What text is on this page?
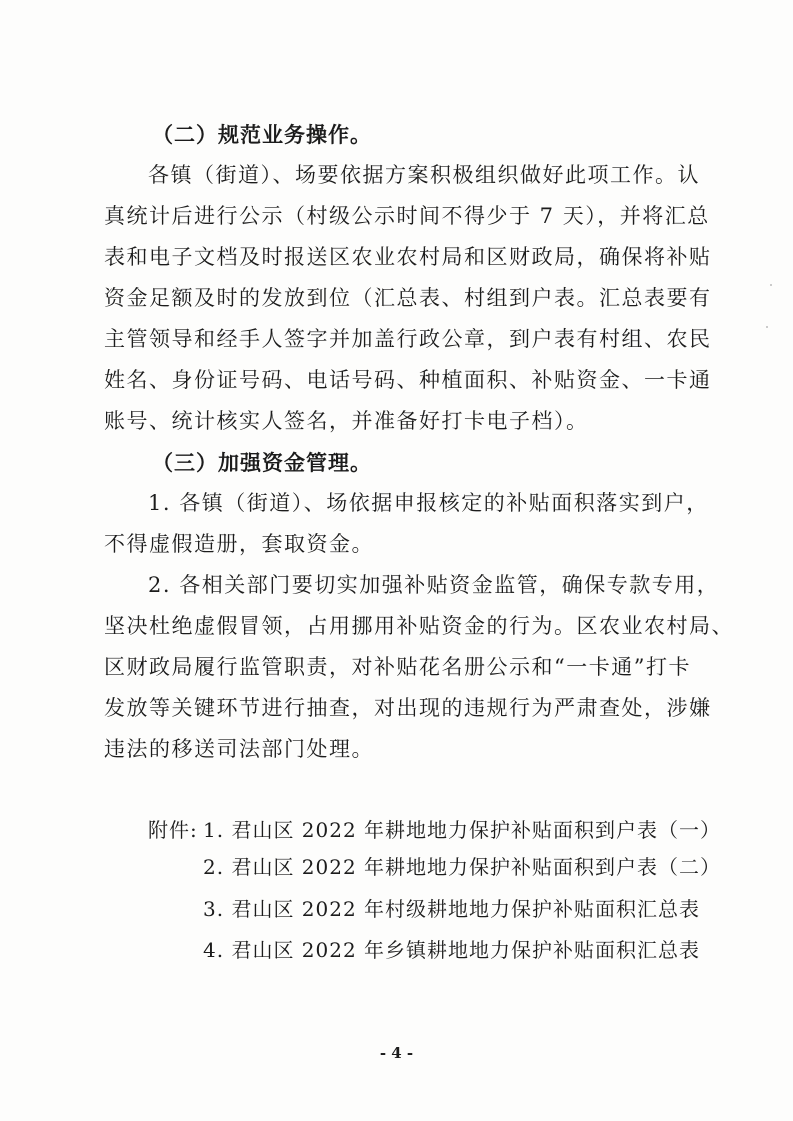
（二）规范业务操作。
各镇（街道）、场要依据方案积极组织做好此项工作。认
真统计后进行公示（村级公示时间不得少于 7 天），并将汇总
表和电子文档及时报送区农业农村局和区财政局，确保将补贴
资金足额及时的发放到位（汇总表、村组到户表。汇总表要有
主管领导和经手人签字并加盖行政公章，到户表有村组、农民
姓名、身份证号码、电话号码、种植面积、补贴资金、一卡通
账号、统计核实人签名，并准备好打卡电子档）。
（三）加强资金管理。
1. 各镇（街道）、场依据申报核定的补贴面积落实到户，
不得虚假造册，套取资金。
2. 各相关部门要切实加强补贴资金监管，确保专款专用，
坚决杜绝虚假冒领，占用挪用补贴资金的行为。区农业农村局、
区财政局履行监管职责，对补贴花名册公示和“一卡通”打卡
发放等关键环节进行抽查，对出现的违规行为严肃查处，涉嫌
违法的移送司法部门处理。
附件: 1. 君山区 2022 年耕地地力保护补贴面积到户表（一）
2. 君山区 2022 年耕地地力保护补贴面积到户表（二）
3. 君山区 2022 年村级耕地地力保护补贴面积汇总表
4. 君山区 2022 年乡镇耕地地力保护补贴面积汇总表
- 4 -
